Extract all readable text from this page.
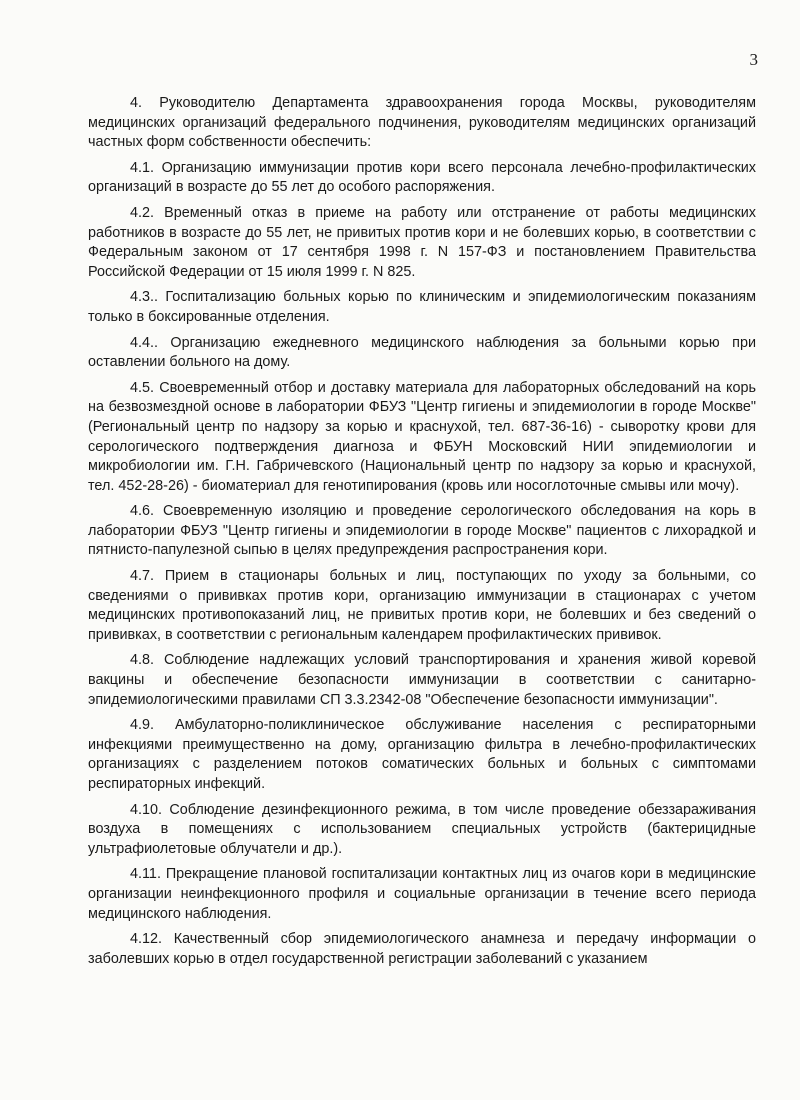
3

4. Руководителю Департамента здравоохранения города Москвы, руководителям медицинских организаций федерального подчинения, руководителям медицинских организаций частных форм собственности обеспечить:

4.1. Организацию иммунизации против кори всего персонала лечебно-профилактических организаций в возрасте до 55 лет до особого распоряжения.

4.2. Временный отказ в приеме на работу или отстранение от работы медицинских работников в возрасте до 55 лет, не привитых против кори и не болевших корью, в соответствии с Федеральным законом от 17 сентября 1998 г. N 157-ФЗ и постановлением Правительства Российской Федерации от 15 июля 1999 г. N 825.

4.3.. Госпитализацию больных корью по клиническим и эпидемиологическим показаниям только в боксированные отделения.

4.4.. Организацию ежедневного медицинского наблюдения за больными корью при оставлении больного на дому.

4.5. Своевременный отбор и доставку материала для лабораторных обследований на корь на безвозмездной основе в лаборатории ФБУЗ "Центр гигиены и эпидемиологии в городе Москве" (Региональный центр по надзору за корью и краснухой, тел. 687-36-16) - сыворотку крови для серологического подтверждения диагноза и ФБУН Московский НИИ эпидемиологии и микробиологии им. Г.Н. Габричевского (Национальный центр по надзору за корью и краснухой, тел. 452-28-26) - биоматериал для генотипирования (кровь или носоглоточные смывы или мочу).

4.6. Своевременную изоляцию и проведение серологического обследования на корь в лаборатории ФБУЗ "Центр гигиены и эпидемиологии в городе Москве" пациентов с лихорадкой и пятнисто-папулезной сыпью в целях предупреждения распространения кори.

4.7. Прием в стационары больных и лиц, поступающих по уходу за больными, со сведениями о прививках против кори, организацию иммунизации в стационарах с учетом медицинских противопоказаний лиц, не привитых против кори, не болевших и без сведений о прививках, в соответствии с региональным календарем профилактических прививок.

4.8. Соблюдение надлежащих условий транспортирования и хранения живой коревой вакцины и обеспечение безопасности иммунизации в соответствии с санитарно-эпидемиологическими правилами СП 3.3.2342-08 "Обеспечение безопасности иммунизации".

4.9. Амбулаторно-поликлиническое обслуживание населения с респираторными инфекциями преимущественно на дому, организацию фильтра в лечебно-профилактических организациях с разделением потоков соматических больных и больных с симптомами респираторных инфекций.

4.10. Соблюдение дезинфекционного режима, в том числе проведение обеззараживания воздуха в помещениях с использованием специальных устройств (бактерицидные ультрафиолетовые облучатели и др.).

4.11. Прекращение плановой госпитализации контактных лиц из очагов кори в медицинские организации неинфекционного профиля и социальные организации в течение всего периода медицинского наблюдения.

4.12. Качественный сбор эпидемиологического анамнеза и передачу информации о заболевших корью в отдел государственной регистрации заболеваний с указанием
